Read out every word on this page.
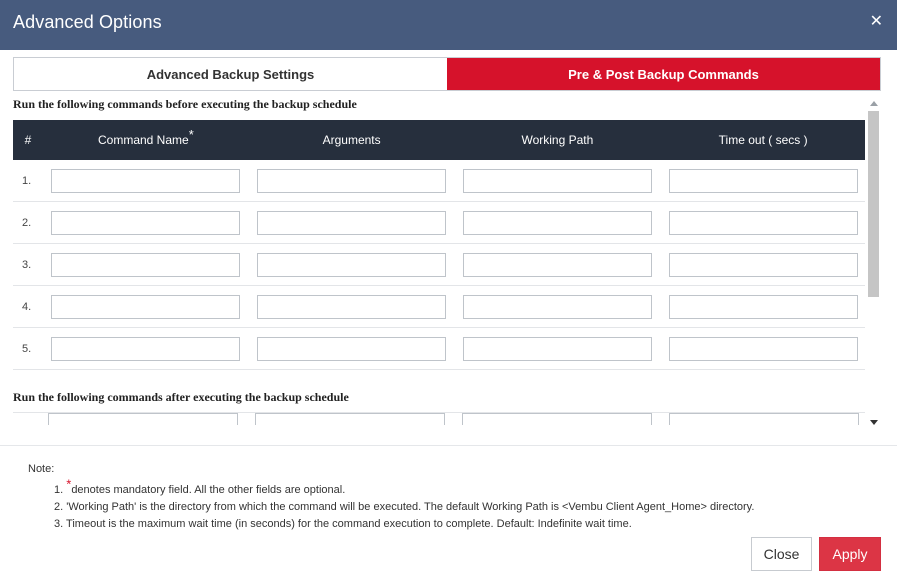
Advanced Options	✕
Advanced Backup Settings	Pre & Post Backup Commands
Run the following commands before executing the backup schedule
#	Command Name*	Arguments	Working Path	Time out ( secs )
1.	

2.	

3.	

4.	

5.	

Run the following commands after executing the backup schedule
Note:
1. *denotes mandatory field. All the other fields are optional.
2. 'Working Path' is the directory from which the command will be executed. The default Working Path is <Vembu Client Agent_Home> directory.
3. Timeout is the maximum wait time (in seconds) for the command execution to complete. Default: Indefinite wait time.
Close	Apply
